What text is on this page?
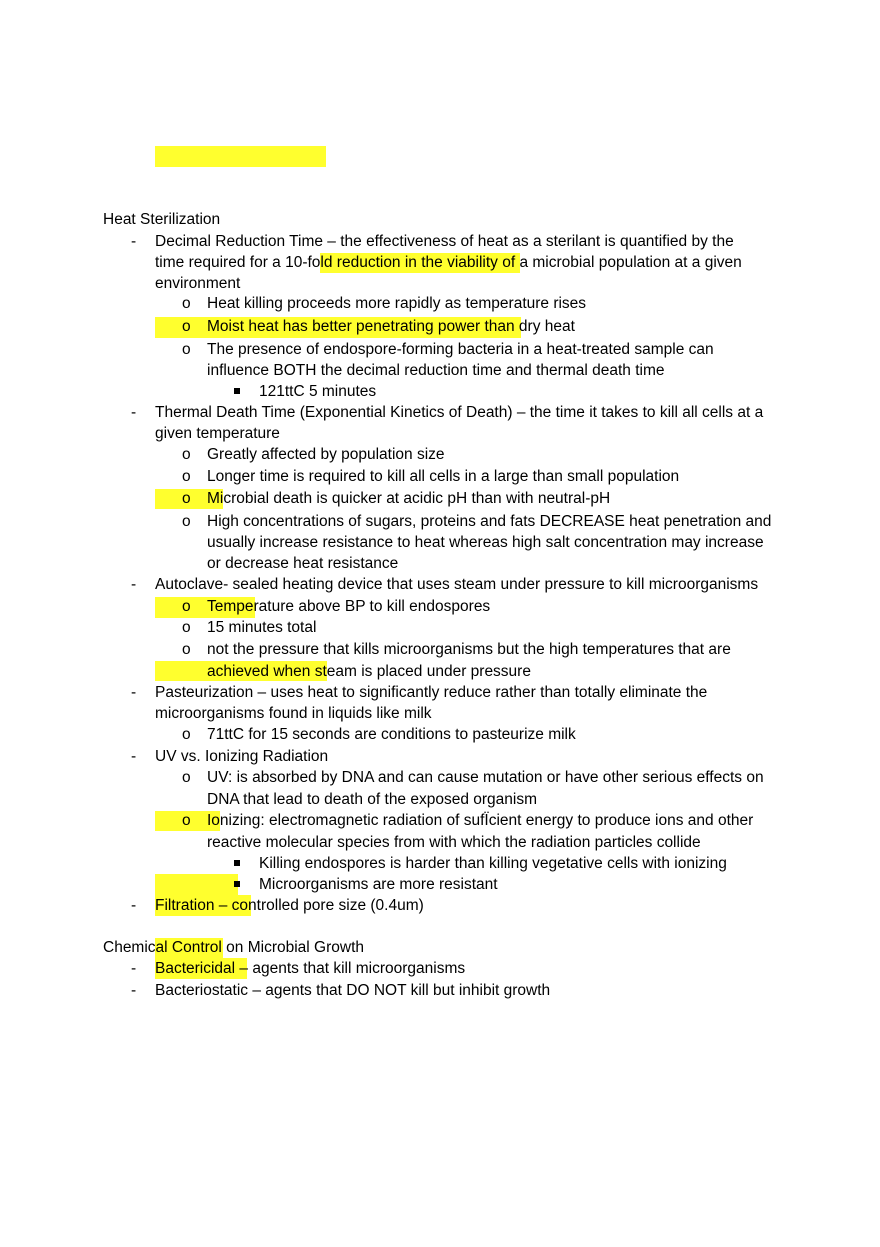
Heat Sterilization
- Decimal Reduction Time – the effectiveness of heat as a sterilant is quantified by the
time required for a 10-fold reduction in the viability of a microbial population at a given
environment
o Heat killing proceeds more rapidly as temperature rises
o Moist heat has better penetrating power than dry heat
o The presence of endospore-forming bacteria in a heat-treated sample can
influence BOTH the decimal reduction time and thermal death time
121ttC 5 minutes
- Thermal Death Time (Exponential Kinetics of Death) – the time it takes to kill all cells at a
given temperature
o Greatly affected by population size
o Longer time is required to kill all cells in a large than small population
o Microbial death is quicker at acidic pH than with neutral-pH
o High concentrations of sugars, proteins and fats DECREASE heat penetration and
usually increase resistance to heat whereas high salt concentration may increase
or decrease heat resistance
- Autoclave- sealed heating device that uses steam under pressure to kill microorganisms
o Temperature above BP to kill endospores
o 15 minutes total
o not the pressure that kills microorganisms but the high temperatures that are
achieved when steam is placed under pressure
- Pasteurization – uses heat to significantly reduce rather than totally eliminate the
microorganisms found in liquids like milk
o 71ttC for 15 seconds are conditions to pasteurize milk
- UV vs. Ionizing Radiation
o UV: is absorbed by DNA and can cause mutation or have other serious effects on
DNA that lead to death of the exposed organism
o Ionizing: electromagnetic radiation of sufÏcient energy to produce ions and other
reactive molecular species from with which the radiation particles collide
Killing endospores is harder than killing vegetative cells with ionizing
Microorganisms are more resistant
- Filtration – controlled pore size (0.4um)
Chemical Control on Microbial Growth
- Bactericidal – agents that kill microorganisms
- Bacteriostatic – agents that DO NOT kill but inhibit growth
